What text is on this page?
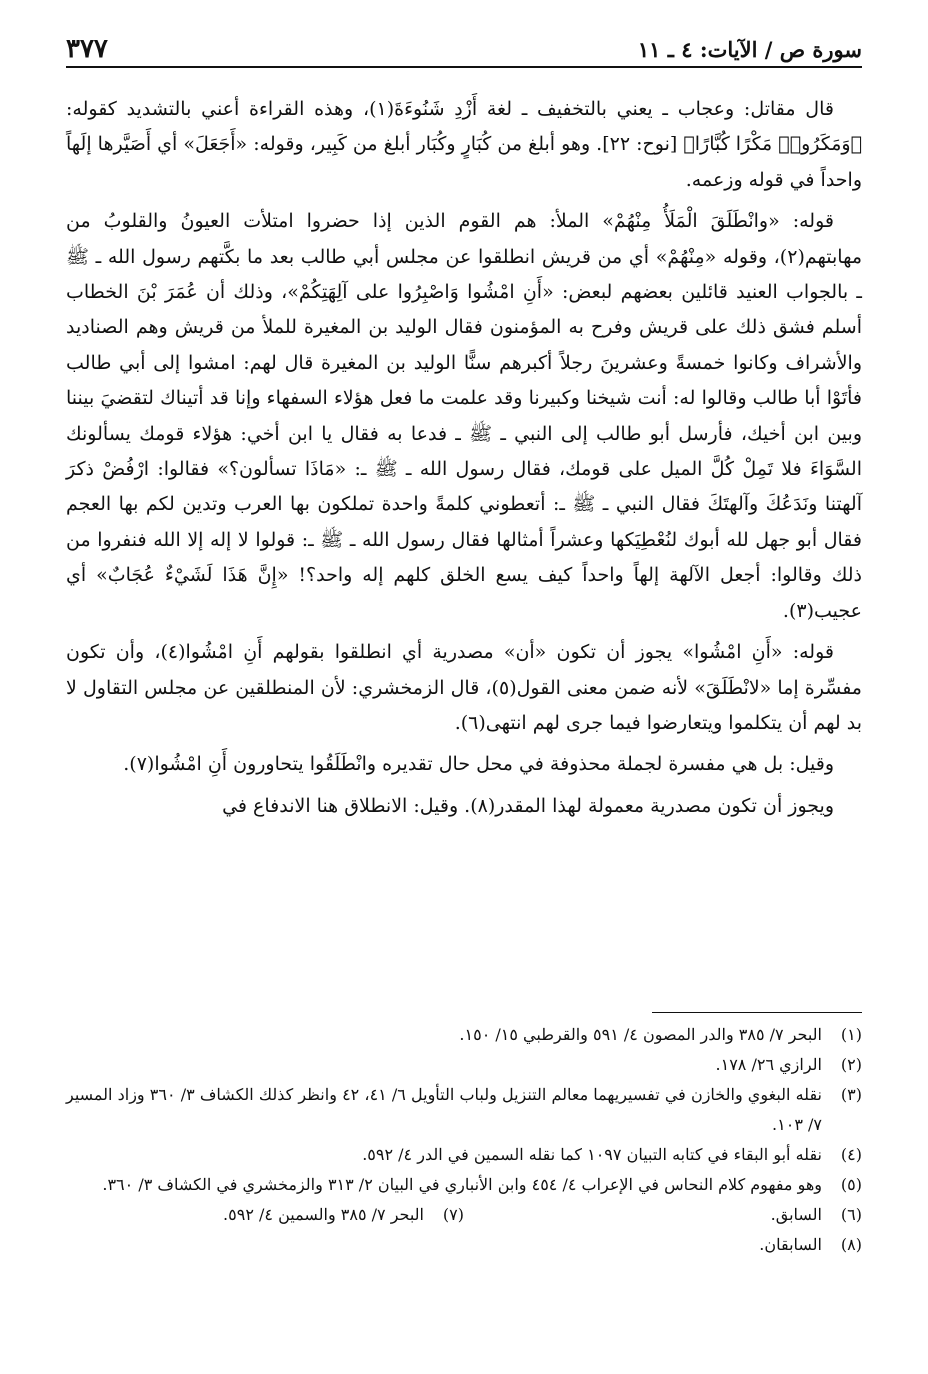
سورة ص / الآيات: ٤ ـ ١١
٣٧٧

قال مقاتل: وعجاب ـ يعني بالتخفيف ـ لغة أَزْدِ شَنُوءَةَ(١)، وهذه القراءة أعني بالتشديد كقوله: ﴿وَمَكَرُوا۟ مَكْرًا كُبَّارًا﴾ [نوح: ٢٢]. وهو أبلغ من كُبَارٍ وكُبَار أبلغ من كَبِير، وقوله: «أَجَعَلَ» أي أَصَيَّرها إلَهاً واحداً في قوله وزعمه.

قوله: «وانْطَلَقَ الْمَلَأُ مِنْهُمْ» الملأ: هم القوم الذين إذا حضروا امتلأت العيونُ والقلوبُ من مهابتهم(٢)، وقوله «مِنْهُمْ» أي من قريش انطلقوا عن مجلس أبي طالب بعد ما بكَّتهم رسول الله ـ ﷺ ـ بالجواب العنيد قائلين بعضهم لبعض: «أَنِ امْشُوا وَاصْبِرُوا على آلِهَتِكُمْ»، وذلك أن عُمَرَ بْنَ الخطاب أسلم فشق ذلك على قريش وفرح به المؤمنون فقال الوليد بن المغيرة للملأ من قريش وهم الصناديد والأشراف وكانوا خمسةً وعشرينَ رجلاً أكبرهم سنًّا الوليد بن المغيرة قال لهم: امشوا إلى أبي طالب فأتَوْا أبا طالب وقالوا له: أنت شيخنا وكبيرنا وقد علمت ما فعل هؤلاء السفهاء وإنا قد أتيناك لتقضيَ بيننا وبين ابن أخيك، فأرسل أبو طالب إلى النبي ـ ﷺ ـ فدعا به فقال يا ابن أخي: هؤلاء قومك يسألونك السَّوَاءَ فلا تَمِلْ كُلَّ الميل على قومك، فقال رسول الله ـ ﷺ ـ: «مَاذَا تسألون؟» فقالوا: ارْفُضْ ذكرَ آلهتنا ونَدَعُكَ وآلهتَكَ فقال النبي ـ ﷺ ـ: أتعطوني كلمةً واحدة تملكون بها العرب وتدين لكم بها العجم فقال أبو جهل لله أبوك لنُعْطِيَكها وعشراً أمثالها فقال رسول الله ـ ﷺ ـ: قولوا لا إله إلا الله فنفروا من ذلك وقالوا: أجعل الآلهة إلهاً واحداً كيف يسع الخلق كلهم إله واحد؟! «إِنَّ هَذَا لَشَيْءٌ عُجَابٌ» أي عجيب(٣).

قوله: «أَنِ امْشُوا» يجوز أن تكون «أن» مصدرية أي انطلقوا بقولهم أَنِ امْشُوا(٤)، وأن تكون مفسِّرة إما «لانْطَلَقَ» لأنه ضمن معنى القول(٥)، قال الزمخشري: لأن المنطلقين عن مجلس التقاول لا بد لهم أن يتكلموا ويتعارضوا فيما جرى لهم انتهى(٦).

وقيل: بل هي مفسرة لجملة محذوفة في محل حال تقديره وانْطَلَقُوا يتحاورون أَنِ امْشُوا(٧).

ويجوز أن تكون مصدرية معمولة لهذا المقدر(٨). وقيل: الانطلاق هنا الاندفاع في

(١)
البحر ٧/ ٣٨٥ والدر المصون ٤/ ٥٩١ والقرطبي ١٥/ ١٥٠.
(٢)
الرازي ٢٦/ ١٧٨.
(٣)
نقله البغوي والخازن في تفسيريهما معالم التنزيل ولباب التأويل ٦/ ٤١، ٤٢ وانظر كذلك الكشاف ٣/ ٣٦٠ وزاد المسير ٧/ ١٠٣.
(٤)
نقله أبو البقاء في كتابه التبيان ١٠٩٧ كما نقله السمين في الدر ٤/ ٥٩٢.
(٥)
وهو مفهوم كلام النحاس في الإعراب ٤/ ٤٥٤ وابن الأنباري في البيان ٢/ ٣١٣ والزمخشري في الكشاف ٣/ ٣٦٠.
(٦)
السابق.
(٧)
البحر ٧/ ٣٨٥ والسمين ٤/ ٥٩٢.
(٨)
السابقان.
